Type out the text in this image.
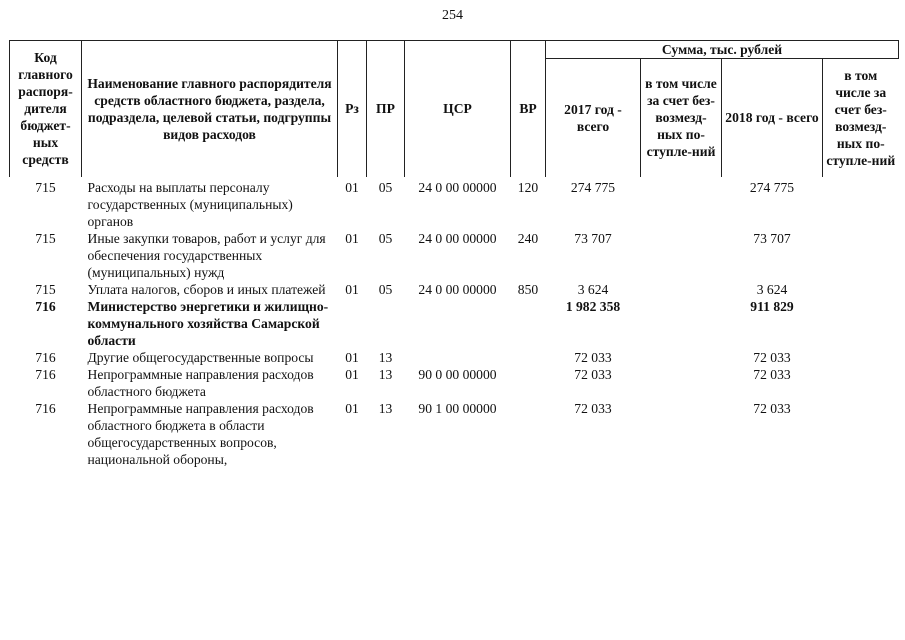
254
Код главного распоря-дителя бюджет-ных средств	Наименование главного распорядителя средств областного бюджета, раздела, подраздела, целевой статьи, подгруппы видов расходов	Рз	ПР	ЦСР	ВР	Сумма, тыс. рублей			
						2017 год - всего	в том числе за счет без-возмезд-ных по-ступле-ний	2018 год - всего	в том числе за счет без-возмезд-ных по-ступле-ний
715	Расходы на выплаты персоналу государственных (муниципальных) органов	01	05	24 0 00 00000	120	274 775		274 775	
715	Иные закупки товаров, работ и услуг для обеспечения государственных (муниципальных) нужд	01	05	24 0 00 00000	240	73 707		73 707	
715	Уплата налогов, сборов и иных платежей	01	05	24 0 00 00000	850	3 624		3 624	
716	Министерство энергетики и жилищно-коммунального хозяйства Самарской области					1 982 358		911 829	
716	Другие общегосударственные вопросы	01	13			72 033		72 033	
716	Непрограммные направления расходов областного бюджета	01	13	90 0 00 00000		72 033		72 033	
716	Непрограммные направления расходов областного бюджета в области общегосударственных вопросов, национальной обороны,	01	13	90 1 00 00000		72 033		72 033	
